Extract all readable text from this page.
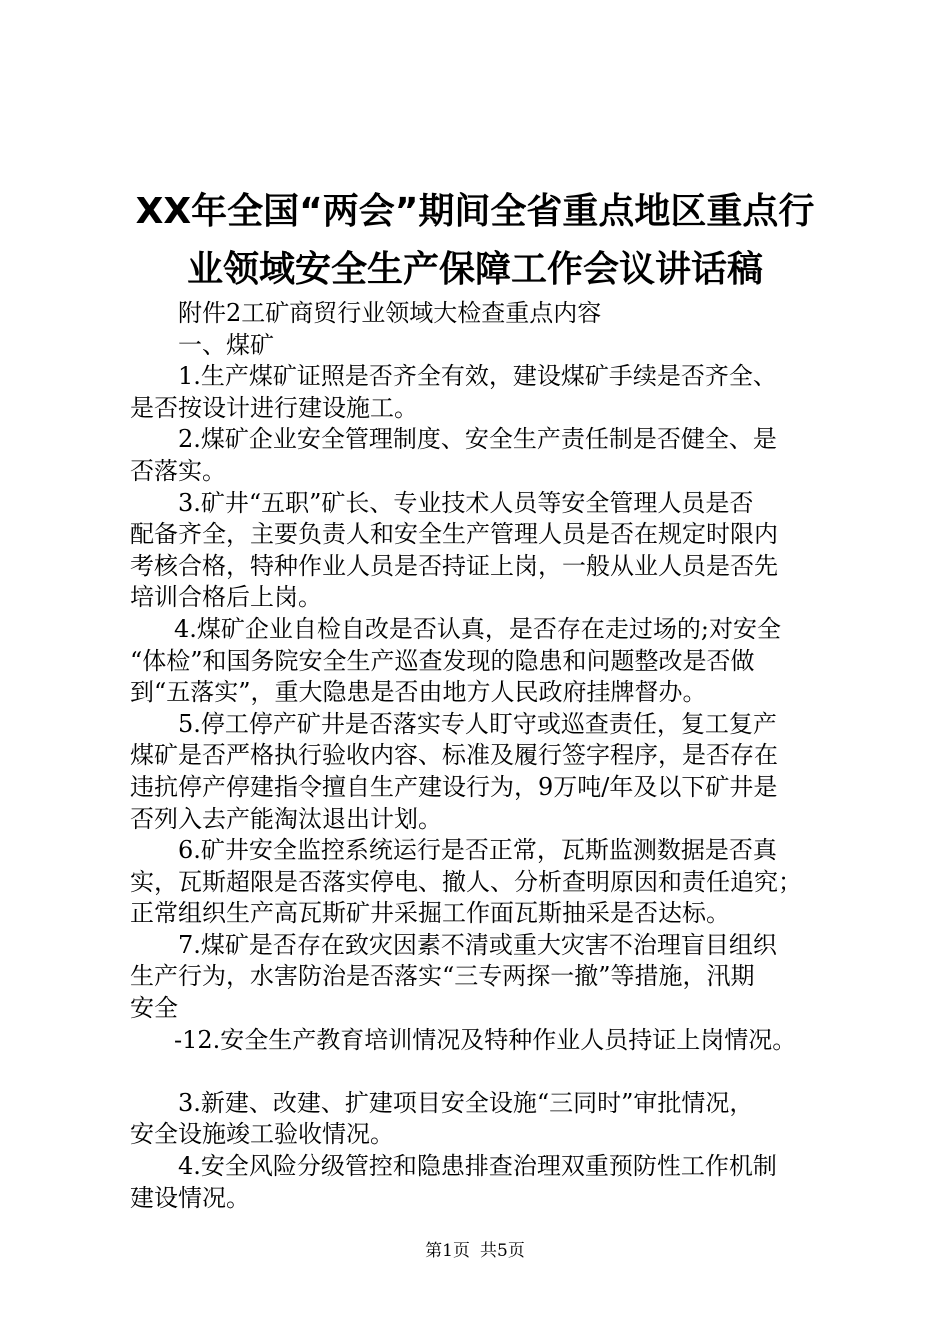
XX年全国“两会”期间全省重点地区重点行
业领域安全生产保障工作会议讲话稿
附件2工矿商贸行业领域大检查重点内容
一、煤矿
1.生产煤矿证照是否齐全有效，建设煤矿手续是否齐全、
是否按设计进行建设施工。
2.煤矿企业安全管理制度、安全生产责任制是否健全、是
否落实。
3.矿井“五职”矿长、专业技术人员等安全管理人员是否
配备齐全，主要负责人和安全生产管理人员是否在规定时限内
考核合格，特种作业人员是否持证上岗，一般从业人员是否先
培训合格后上岗。
4.煤矿企业自检自改是否认真，是否存在走过场的;对安全
“体检”和国务院安全生产巡查发现的隐患和问题整改是否做
到“五落实”，重大隐患是否由地方人民政府挂牌督办。
5.停工停产矿井是否落实专人盯守或巡查责任，复工复产
煤矿是否严格执行验收内容、标准及履行签字程序，是否存在
违抗停产停建指令擅自生产建设行为，9万吨/年及以下矿井是
否列入去产能淘汰退出计划。
6.矿井安全监控系统运行是否正常，瓦斯监测数据是否真
实，瓦斯超限是否落实停电、撤人、分析查明原因和责任追究；
正常组织生产高瓦斯矿井采掘工作面瓦斯抽采是否达标。
7.煤矿是否存在致灾因素不清或重大灾害不治理盲目组织
生产行为，水害防治是否落实“三专两探一撤”等措施，汛期
安全
-12.安全生产教育培训情况及特种作业人员持证上岗情况。
3.新建、改建、扩建项目安全设施“三同时”审批情况，
安全设施竣工验收情况。
4.安全风险分级管控和隐患排查治理双重预防性工作机制
建设情况。
第1页 共5页
